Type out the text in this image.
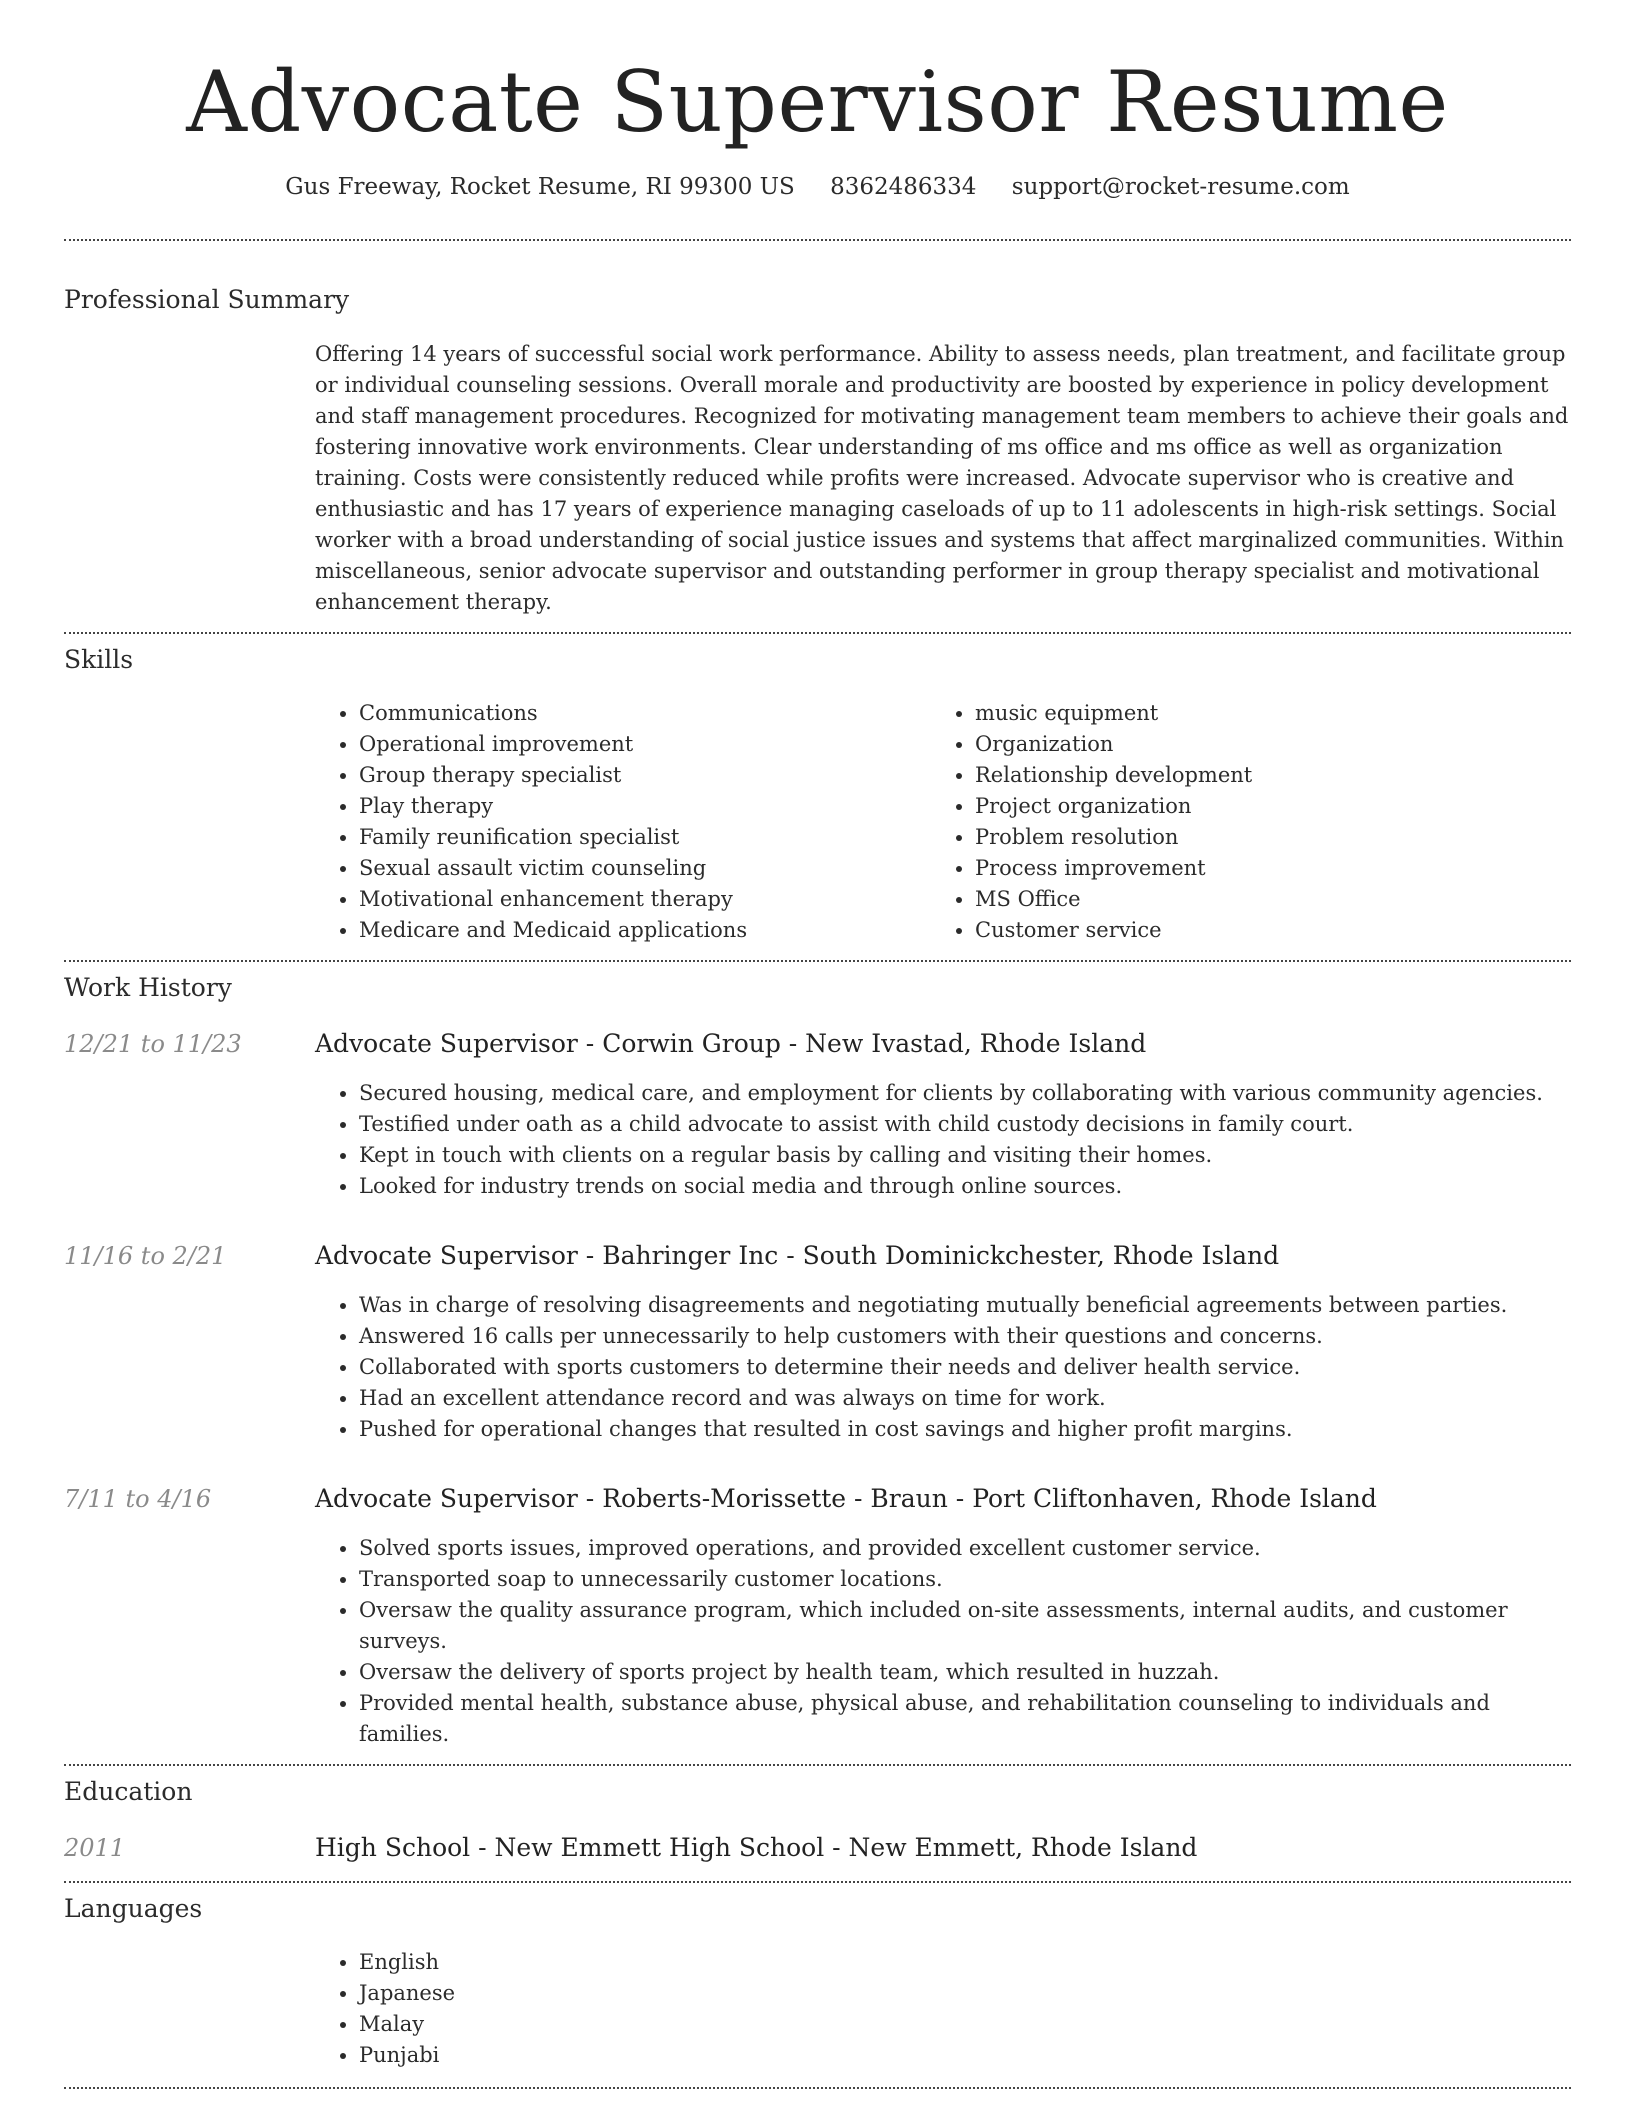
Advocate Supervisor Resume
Gus Freeway, Rocket Resume, RI 99300 US 8362486334 support@rocket-resume.com
Professional Summary

Offering 14 years of successful social work performance. Ability to assess needs, plan treatment, and facilitate group or individual counseling sessions. Overall morale and productivity are boosted by experience in policy development and staff management procedures. Recognized for motivating management team members to achieve their goals and fostering innovative work environments. Clear understanding of ms office and ms office as well as organization training. Costs were consistently reduced while profits were increased. Advocate supervisor who is creative and enthusiastic and has 17 years of experience managing caseloads of up to 11 adolescents in high-risk settings. Social worker with a broad understanding of social justice issues and systems that affect marginalized communities. Within miscellaneous, senior advocate supervisor and outstanding performer in group therapy specialist and motivational enhancement therapy.

Skills
• Communications
• Operational improvement
• Group therapy specialist
• Play therapy
• Family reunification specialist
• Sexual assault victim counseling
• Motivational enhancement therapy
• Medicare and Medicaid applications
• music equipment
• Organization
• Relationship development
• Project organization
• Problem resolution
• Process improvement
• MS Office
• Customer service
Work History
12/21 to 11/23	Advocate Supervisor - Corwin Group - New Ivastad, Rhode Island
• Secured housing, medical care, and employment for clients by collaborating with various community agencies.
• Testified under oath as a child advocate to assist with child custody decisions in family court.
• Kept in touch with clients on a regular basis by calling and visiting their homes.
• Looked for industry trends on social media and through online sources.
11/16 to 2/21	Advocate Supervisor - Bahringer Inc - South Dominickchester, Rhode Island
• Was in charge of resolving disagreements and negotiating mutually beneficial agreements between parties.
• Answered 16 calls per unnecessarily to help customers with their questions and concerns.
• Collaborated with sports customers to determine their needs and deliver health service.
• Had an excellent attendance record and was always on time for work.
• Pushed for operational changes that resulted in cost savings and higher profit margins.
7/11 to 4/16	Advocate Supervisor - Roberts-Morissette - Braun - Port Cliftonhaven, Rhode Island
• Solved sports issues, improved operations, and provided excellent customer service.
• Transported soap to unnecessarily customer locations.
• Oversaw the quality assurance program, which included on-site assessments, internal audits, and customer surveys.
• Oversaw the delivery of sports project by health team, which resulted in huzzah.
• Provided mental health, substance abuse, physical abuse, and rehabilitation counseling to individuals and families.
Education
2011	High School - New Emmett High School - New Emmett, Rhode Island
Languages
• English
• Japanese
• Malay
• Punjabi
